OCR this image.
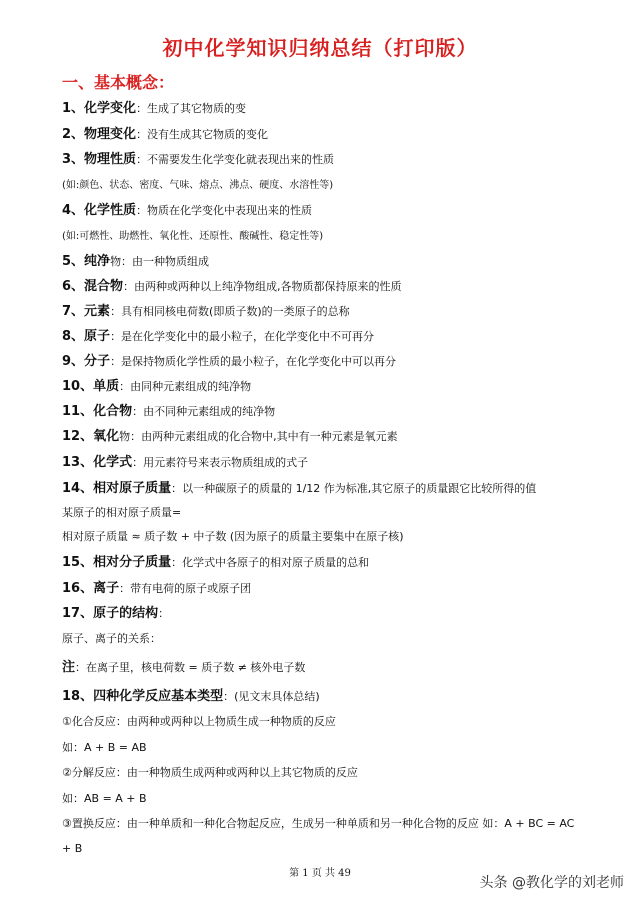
初中化学知识归纳总结（打印版）
一、基本概念：
1、化学变化：生成了其它物质的变
2、物理变化：没有生成其它物质的变化
3、物理性质：不需要发生化学变化就表现出来的性质
(如:颜色、状态、密度、气味、熔点、沸点、硬度、水溶性等)
4、化学性质：物质在化学变化中表现出来的性质
(如:可燃性、助燃性、氧化性、还原性、酸碱性、稳定性等)
5、纯净物：由一种物质组成
6、混合物：由两种或两种以上纯净物组成,各物质都保持原来的性质
7、元素：具有相同核电荷数(即质子数)的一类原子的总称
8、原子：是在化学变化中的最小粒子，在化学变化中不可再分
9、分子：是保持物质化学性质的最小粒子，在化学变化中可以再分
10、单质：由同种元素组成的纯净物
11、化合物：由不同种元素组成的纯净物
12、氧化物：由两种元素组成的化合物中,其中有一种元素是氧元素
13、化学式：用元素符号来表示物质组成的式子
14、相对原子质量：以一种碳原子的质量的 1/12 作为标准,其它原子的质量跟它比较所得的值
某原子的相对原子质量=
相对原子质量 ≈ 质子数 + 中子数 (因为原子的质量主要集中在原子核)
15、相对分子质量：化学式中各原子的相对原子质量的总和
16、离子：带有电荷的原子或原子团
17、原子的结构：
原子、离子的关系：
注：在离子里，核电荷数 = 质子数 ≠ 核外电子数
18、四种化学反应基本类型：(见文末具体总结)
①化合反应：由两种或两种以上物质生成一种物质的反应
如：A + B = AB
②分解反应：由一种物质生成两种或两种以上其它物质的反应
如：AB = A + B
③置换反应：由一种单质和一种化合物起反应，生成另一种单质和另一种化合物的反应 如：A + BC = AC
+ B
第 1 页 共 49
头条 @教化学的刘老师
